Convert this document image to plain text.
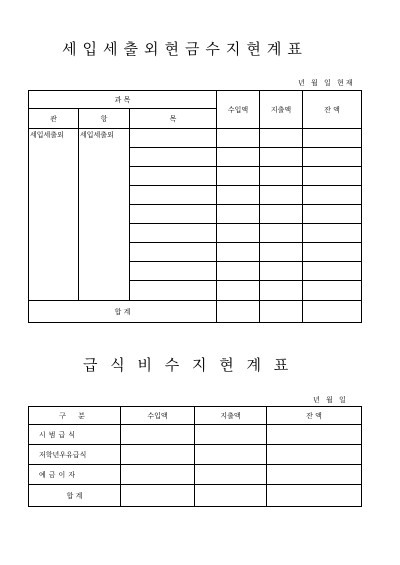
세입세출외현금수지현계표
년 월 일 현재
과 목			수입액	지출액	잔 액
관	항	목			
세입세출외	세입세출외				

합 계					
급 식 비 수 지 현 계 표
년 월 일
구 분	수입액	지출액	잔 액
시범급식			
저학년우유급식			
예금이자			
합 계			
